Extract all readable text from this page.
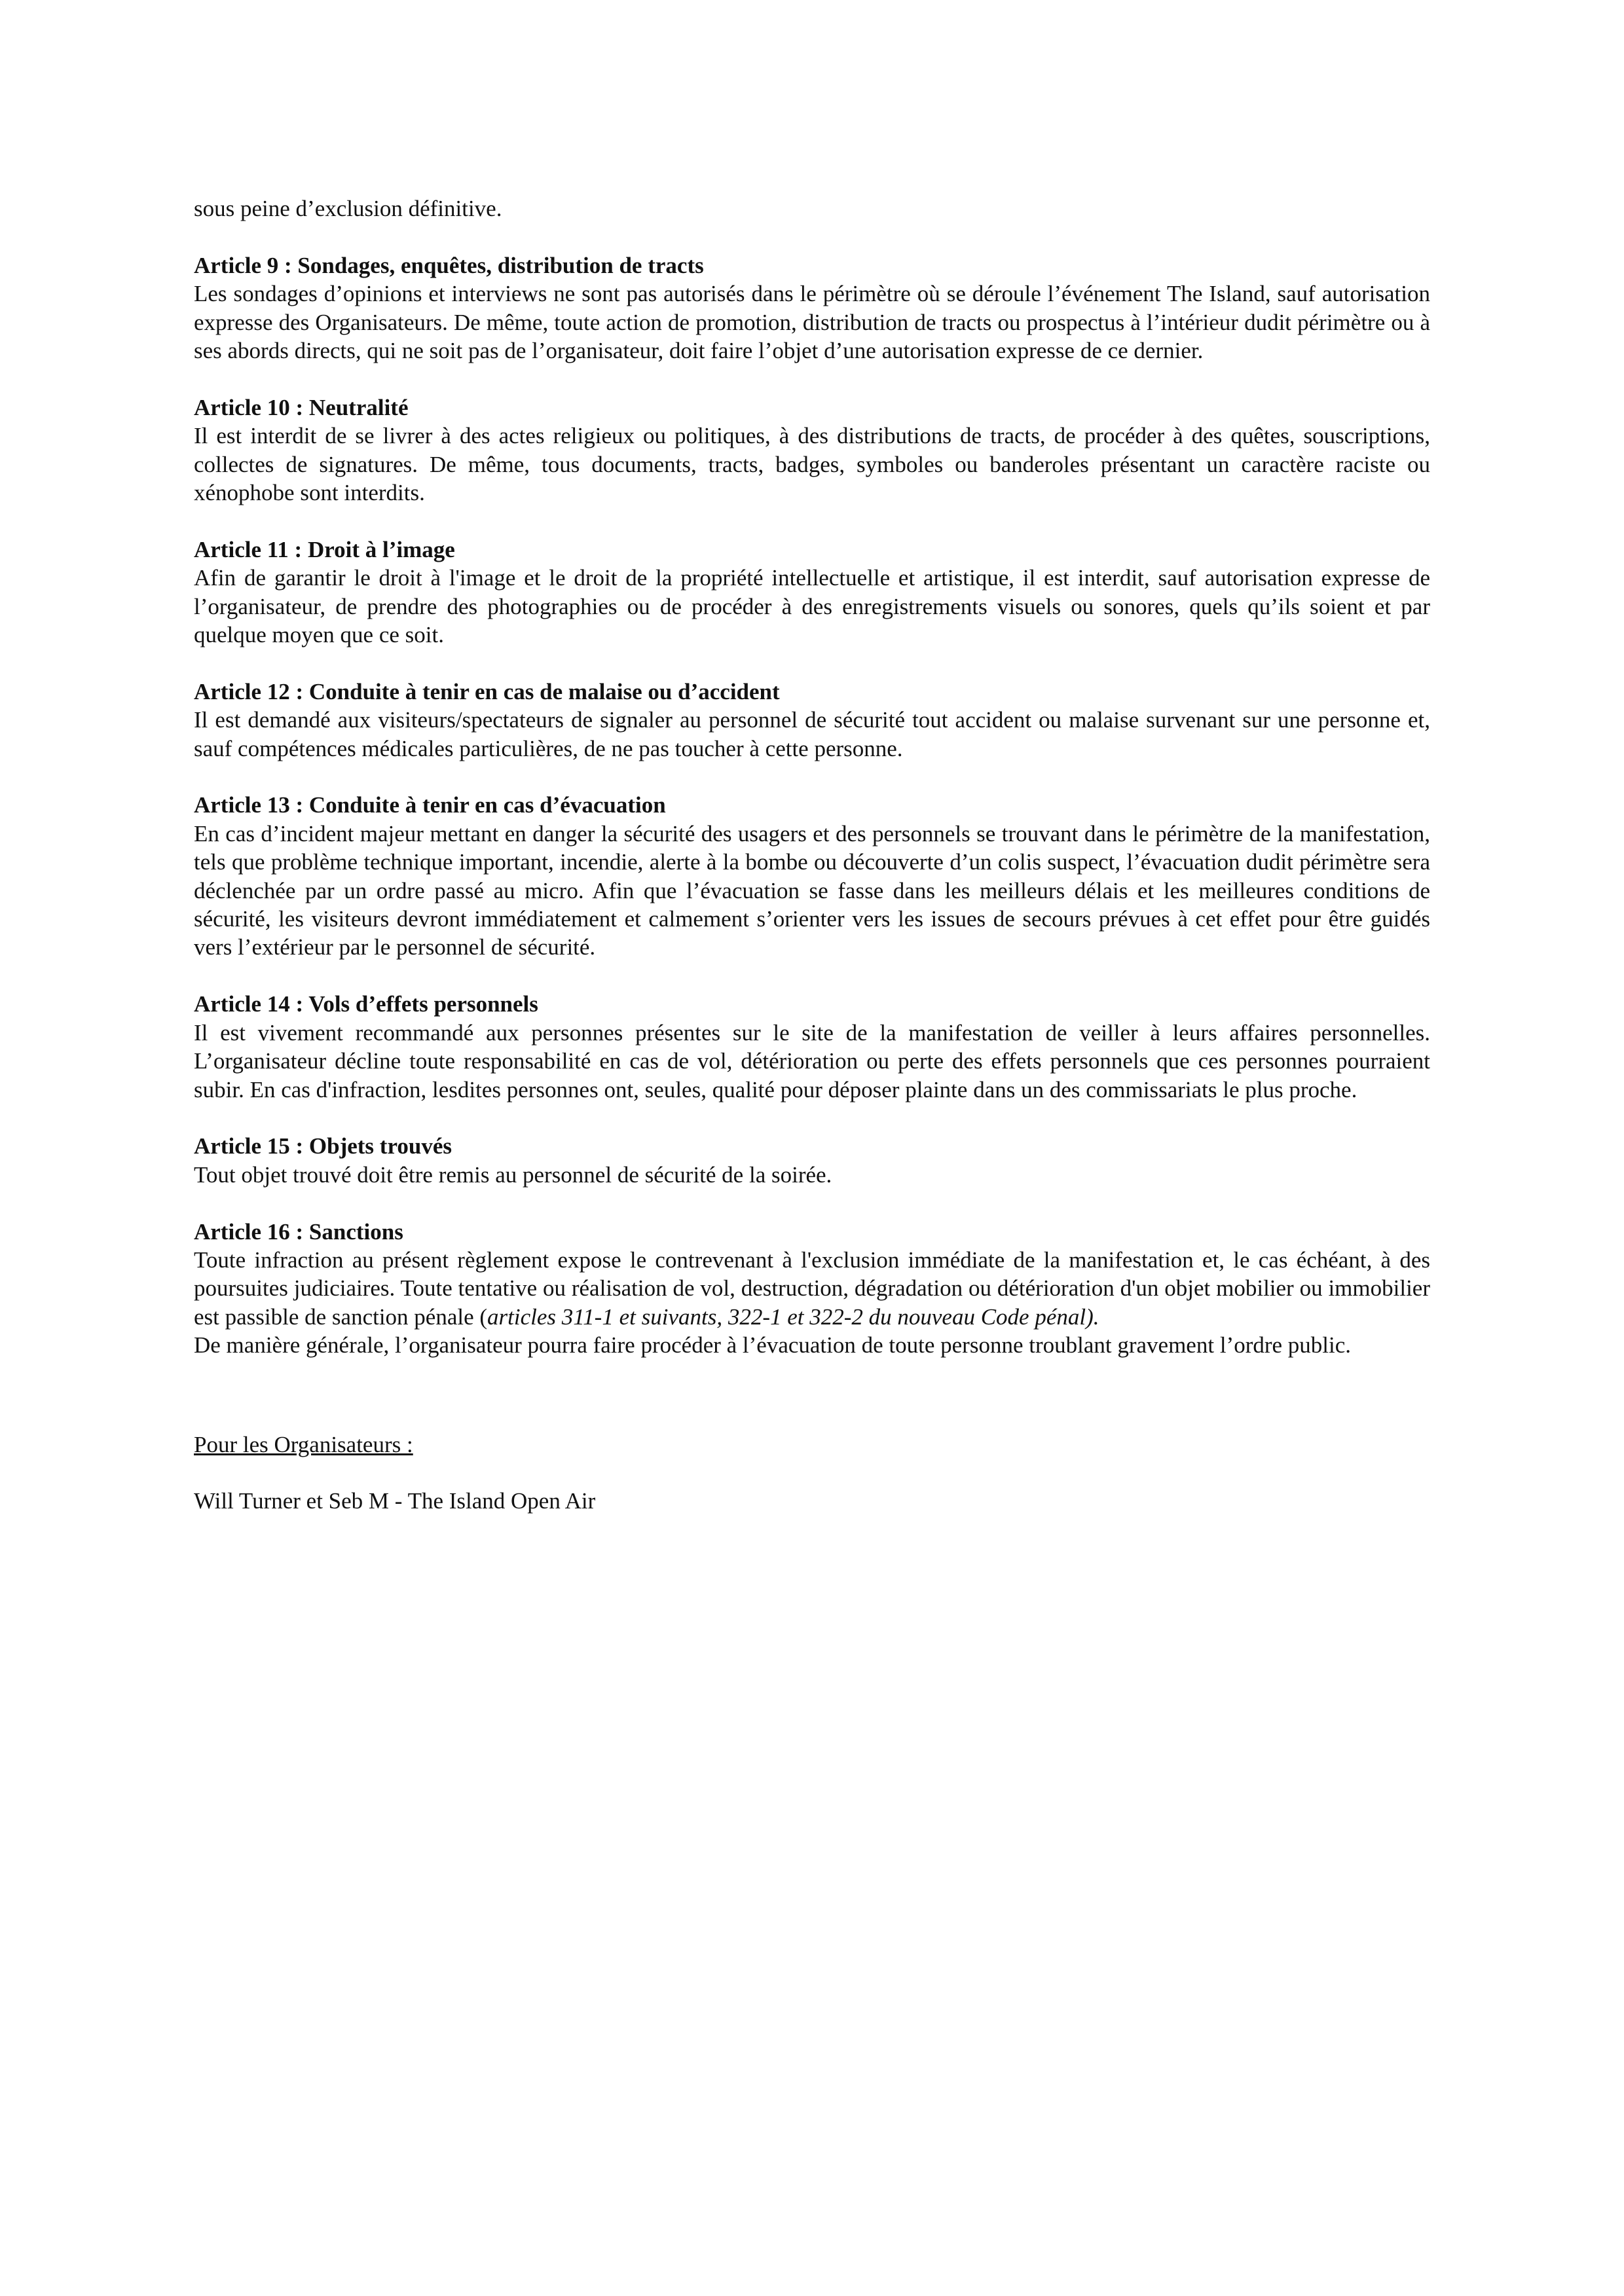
sous peine d’exclusion définitive.

Article 9 : Sondages, enquêtes, distribution de tracts

Les sondages d’opinions et interviews ne sont pas autorisés dans le périmètre où se déroule l’événement The Island, sauf autorisation expresse des Organisateurs. De même, toute action de promotion, distribution de tracts ou prospectus à l’intérieur dudit périmètre ou à ses abords directs, qui ne soit pas de l’organisateur, doit faire l’objet d’une autorisation expresse de ce dernier.

Article 10 : Neutralité

Il est interdit de se livrer à des actes religieux ou politiques, à des distributions de tracts, de procéder à des quêtes, souscriptions, collectes de signatures. De même, tous documents, tracts, badges, symboles ou banderoles présentant un caractère raciste ou xénophobe sont interdits.

Article 11 : Droit à l’image

Afin de garantir le droit à l'image et le droit de la propriété intellectuelle et artistique, il est interdit, sauf autorisation expresse de l’organisateur, de prendre des photographies ou de procéder à des enregistrements visuels ou sonores, quels qu’ils soient et par quelque moyen que ce soit.

Article 12 : Conduite à tenir en cas de malaise ou d’accident

Il est demandé aux visiteurs/spectateurs de signaler au personnel de sécurité tout accident ou malaise survenant sur une personne et, sauf compétences médicales particulières, de ne pas toucher à cette personne.

Article 13 : Conduite à tenir en cas d’évacuation

En cas d’incident majeur mettant en danger la sécurité des usagers et des personnels se trouvant dans le périmètre de la manifestation, tels que problème technique important, incendie, alerte à la bombe ou découverte d’un colis suspect, l’évacuation dudit périmètre sera déclenchée par un ordre passé au micro. Afin que l’évacuation se fasse dans les meilleurs délais et les meilleures conditions de sécurité, les visiteurs devront immédiatement et calmement s’orienter vers les issues de secours prévues à cet effet pour être guidés vers l’extérieur par le personnel de sécurité.

Article 14 : Vols d’effets personnels

Il est vivement recommandé aux personnes présentes sur le site de la manifestation de veiller à leurs affaires personnelles. L’organisateur décline toute responsabilité en cas de vol, détérioration ou perte des effets personnels que ces personnes pourraient subir. En cas d'infraction, lesdites personnes ont, seules, qualité pour déposer plainte dans un des commissariats le plus proche.

Article 15 : Objets trouvés

Tout objet trouvé doit être remis au personnel de sécurité de la soirée.

Article 16 : Sanctions

Toute infraction au présent règlement expose le contrevenant à l'exclusion immédiate de la manifestation et, le cas échéant, à des poursuites judiciaires. Toute tentative ou réalisation de vol, destruction, dégradation ou détérioration d'un objet mobilier ou immobilier est passible de sanction pénale (articles 311-1 et suivants, 322-1 et 322-2 du nouveau Code pénal).

De manière générale, l’organisateur pourra faire procéder à l’évacuation de toute personne troublant gravement l’ordre public.

Pour les Organisateurs :

Will Turner et Seb M - The Island Open Air
